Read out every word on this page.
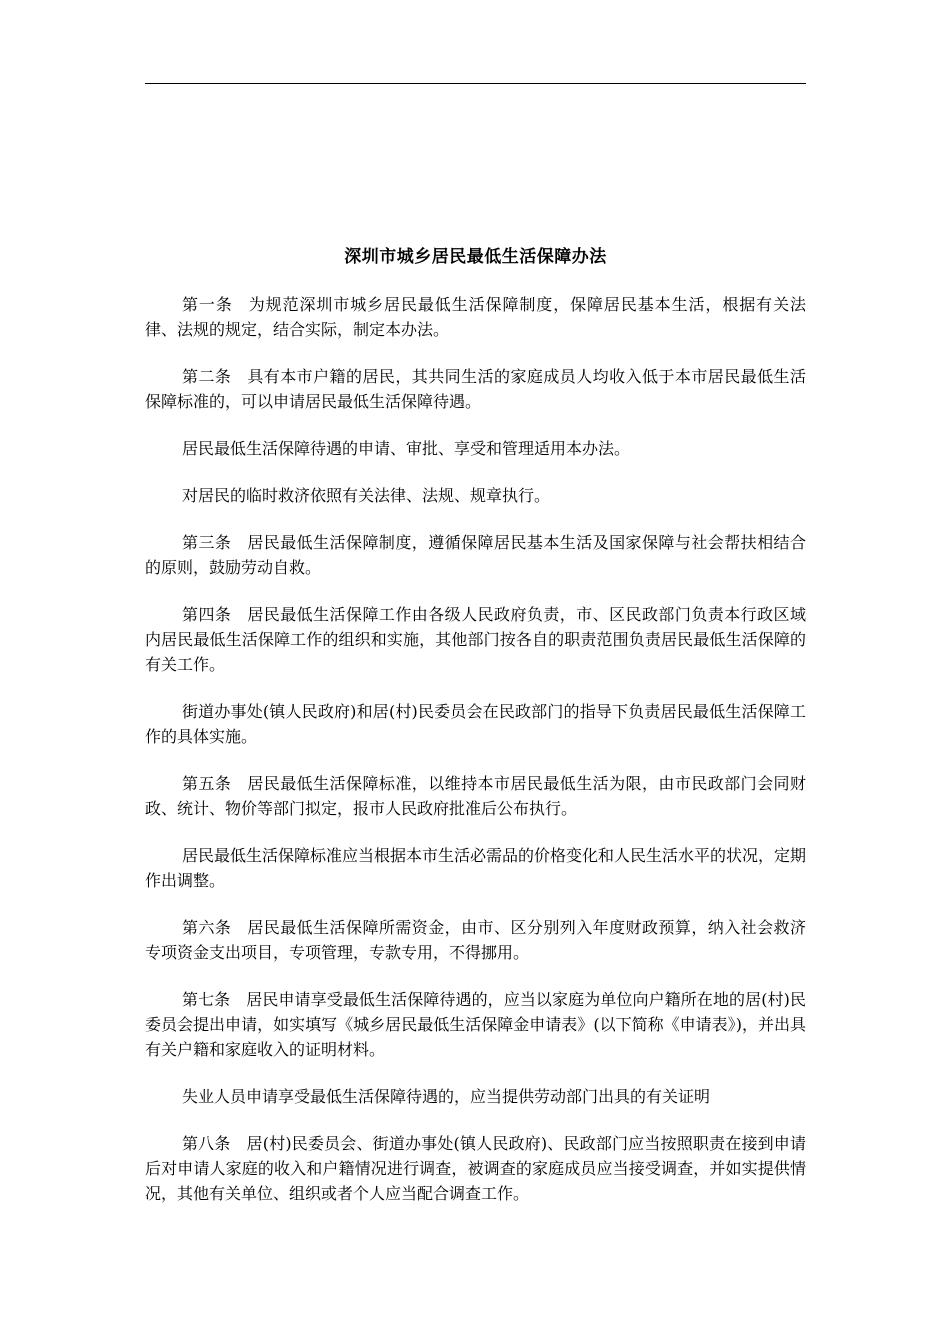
深圳市城乡居民最低生活保障办法

第一条 为规范深圳市城乡居民最低生活保障制度，保障居民基本生活，根据有关法律、法规的规定，结合实际，制定本办法。

第二条 具有本市户籍的居民，其共同生活的家庭成员人均收入低于本市居民最低生活保障标准的，可以申请居民最低生活保障待遇。

居民最低生活保障待遇的申请、审批、享受和管理适用本办法。

对居民的临时救济依照有关法律、法规、规章执行。

第三条 居民最低生活保障制度，遵循保障居民基本生活及国家保障与社会帮扶相结合的原则，鼓励劳动自救。

第四条 居民最低生活保障工作由各级人民政府负责，市、区民政部门负责本行政区域内居民最低生活保障工作的组织和实施，其他部门按各自的职责范围负责居民最低生活保障的有关工作。

街道办事处(镇人民政府)和居(村)民委员会在民政部门的指导下负责居民最低生活保障工作的具体实施。

第五条 居民最低生活保障标准，以维持本市居民最低生活为限，由市民政部门会同财政、统计、物价等部门拟定，报市人民政府批准后公布执行。

居民最低生活保障标准应当根据本市生活必需品的价格变化和人民生活水平的状况，定期作出调整。

第六条 居民最低生活保障所需资金，由市、区分别列入年度财政预算，纳入社会救济专项资金支出项目，专项管理，专款专用，不得挪用。

第七条 居民申请享受最低生活保障待遇的，应当以家庭为单位向户籍所在地的居(村)民委员会提出申请，如实填写《城乡居民最低生活保障金申请表》(以下简称《申请表》)，并出具有关户籍和家庭收入的证明材料。

失业人员申请享受最低生活保障待遇的，应当提供劳动部门出具的有关证明

第八条 居(村)民委员会、街道办事处(镇人民政府)、民政部门应当按照职责在接到申请后对申请人家庭的收入和户籍情况进行调查，被调查的家庭成员应当接受调查，并如实提供情况，其他有关单位、组织或者个人应当配合调查工作。
